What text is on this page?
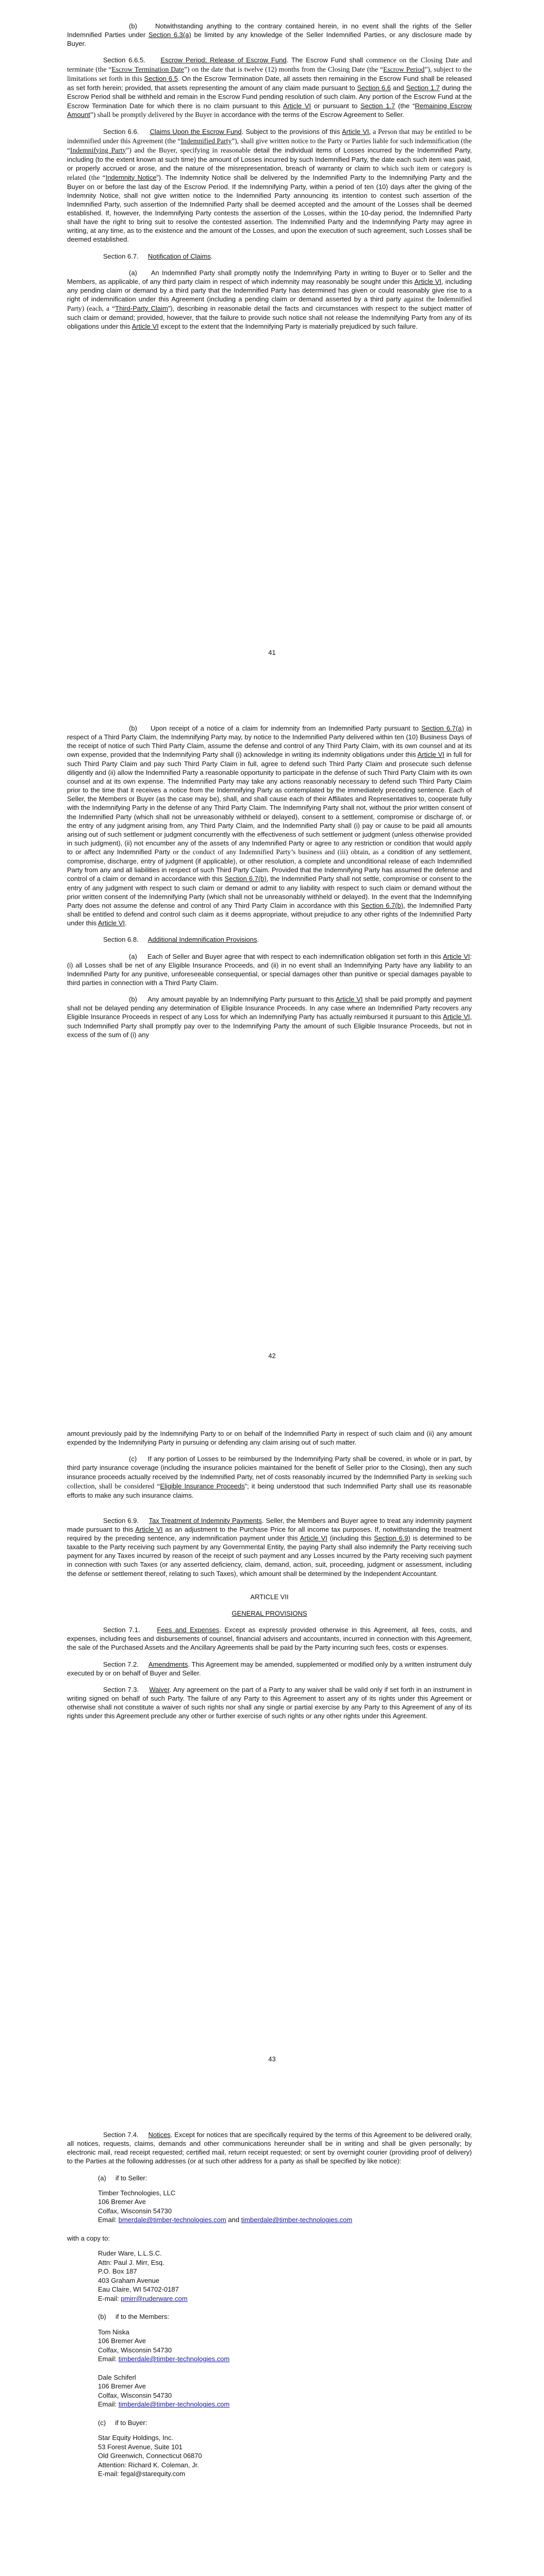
(b)	Notwithstanding anything to the contrary contained herein, in no event shall the rights of the Seller Indemnified Parties under Section 6.3(a) be limited by any knowledge of the Seller Indemnified Parties, or any disclosure made by Buyer.

Section 6.6.5. Escrow Period; Release of Escrow Fund. The Escrow Fund shall commence on the Closing Date and terminate (the “Escrow Termination Date”) on the date that is twelve (12) months from the Closing Date (the “Escrow Period”), subject to the limitations set forth in this Section 6.5. On the Escrow Termination Date, all assets then remaining in the Escrow Fund shall be released as set forth herein; provided, that assets representing the amount of any claim made pursuant to Section 6.6 and Section 1.7 during the Escrow Period shall be withheld and remain in the Escrow Fund pending resolution of such claim. Any portion of the Escrow Fund at the Escrow Termination Date for which there is no claim pursuant to this Article VI or pursuant to Section 1.7 (the “Remaining Escrow Amount”) shall be promptly delivered by the Buyer in accordance with the terms of the Escrow Agreement to Seller.

Section 6.6. Claims Upon the Escrow Fund. Subject to the provisions of this Article VI, a Person that may be entitled to be indemnified under this Agreement (the “Indemnified Party”), shall give written notice to the Party or Parties liable for such indemnification (the “Indemnifying Party”) and the Buyer, specifying in reasonable detail the individual items of Losses incurred by the Indemnified Party, including (to the extent known at such time) the amount of Losses incurred by such Indemnified Party, the date each such item was paid, or properly accrued or arose, and the nature of the misrepresentation, breach of warranty or claim to which such item or category is related (the “Indemnity Notice”). The Indemnity Notice shall be delivered by the Indemnified Party to the Indemnifying Party and the Buyer on or before the last day of the Escrow Period. If the Indemnifying Party, within a period of ten (10) days after the giving of the Indemnity Notice, shall not give written notice to the Indemnified Party announcing its intention to contest such assertion of the Indemnified Party, such assertion of the Indemnified Party shall be deemed accepted and the amount of the Losses shall be deemed established. If, however, the Indemnifying Party contests the assertion of the Losses, within the 10-day period, the Indemnified Party shall have the right to bring suit to resolve the contested assertion. The Indemnified Party and the Indemnifying Party may agree in writing, at any time, as to the existence and the amount of the Losses, and upon the execution of such agreement, such Losses shall be deemed established.

Section 6.7. Notification of Claims.

(a) An Indemnified Party shall promptly notify the Indemnifying Party in writing to Buyer or to Seller and the Members, as applicable, of any third party claim in respect of which indemnity may reasonably be sought under this Article VI, including any pending claim or demand by a third party that the Indemnified Party has determined has given or could reasonably give rise to a right of indemnification under this Agreement (including a pending claim or demand asserted by a third party against the Indemnified Party) (each, a “Third-Party Claim”), describing in reasonable detail the facts and circumstances with respect to the subject matter of such claim or demand; provided, however, that the failure to provide such notice shall not release the Indemnifying Party from any of its obligations under this Article VI except to the extent that the Indemnifying Party is materially prejudiced by such failure.

41

(b) Upon receipt of a notice of a claim for indemnity from an Indemnified Party pursuant to Section 6.7(a) in respect of a Third Party Claim, the Indemnifying Party may, by notice to the Indemnified Party delivered within ten (10) Business Days of the receipt of notice of such Third Party Claim, assume the defense and control of any Third Party Claim, with its own counsel and at its own expense, provided that the Indemnifying Party shall (i) acknowledge in writing its indemnity obligations under this Article VI in full for such Third Party Claim and pay such Third Party Claim in full, agree to defend such Third Party Claim and prosecute such defense diligently and (ii) allow the Indemnified Party a reasonable opportunity to participate in the defense of such Third Party Claim with its own counsel and at its own expense. The Indemnified Party may take any actions reasonably necessary to defend such Third Party Claim prior to the time that it receives a notice from the Indemnifying Party as contemplated by the immediately preceding sentence. Each of Seller, the Members or Buyer (as the case may be), shall, and shall cause each of their Affiliates and Representatives to, cooperate fully with the Indemnifying Party in the defense of any Third Party Claim. The Indemnifying Party shall not, without the prior written consent of the Indemnified Party (which shall not be unreasonably withheld or delayed), consent to a settlement, compromise or discharge of, or the entry of any judgment arising from, any Third Party Claim, and the Indemnified Party shall (i) pay or cause to be paid all amounts arising out of such settlement or judgment concurrently with the effectiveness of such settlement or judgment (unless otherwise provided in such judgment), (ii) not encumber any of the assets of any Indemnified Party or agree to any restriction or condition that would apply to or affect any Indemnified Party or the conduct of any Indemnified Party’s business and (iii) obtain, as a condition of any settlement, compromise, discharge, entry of judgment (if applicable), or other resolution, a complete and unconditional release of each Indemnified Party from any and all liabilities in respect of such Third Party Claim. Provided that the Indemnifying Party has assumed the defense and control of a claim or demand in accordance with this Section 6.7(b), the Indemnified Party shall not settle, compromise or consent to the entry of any judgment with respect to such claim or demand or admit to any liability with respect to such claim or demand without the prior written consent of the Indemnifying Party (which shall not be unreasonably withheld or delayed). In the event that the Indemnifying Party does not assume the defense and control of any Third Party Claim in accordance with this Section 6.7(b), the Indemnified Party shall be entitled to defend and control such claim as it deems appropriate, without prejudice to any other rights of the Indemnified Party under this Article VI.

Section 6.8. Additional Indemnification Provisions.

(a) Each of Seller and Buyer agree that with respect to each indemnification obligation set forth in this Article VI: (i) all Losses shall be net of any Eligible Insurance Proceeds, and (ii) in no event shall an Indemnifying Party have any liability to an Indemnified Party for any punitive, unforeseeable consequential, or special damages other than punitive or special damages payable to third parties in connection with a Third Party Claim.

(b) Any amount payable by an Indemnifying Party pursuant to this Article VI shall be paid promptly and payment shall not be delayed pending any determination of Eligible Insurance Proceeds. In any case where an Indemnified Party recovers any Eligible Insurance Proceeds in respect of any Loss for which an Indemnifying Party has actually reimbursed it pursuant to this Article VI, such Indemnified Party shall promptly pay over to the Indemnifying Party the amount of such Eligible Insurance Proceeds, but not in excess of the sum of (i) any

42

amount previously paid by the Indemnifying Party to or on behalf of the Indemnified Party in respect of such claim and (ii) any amount expended by the Indemnifying Party in pursuing or defending any claim arising out of such matter.

(c) If any portion of Losses to be reimbursed by the Indemnifying Party shall be covered, in whole or in part, by third party insurance coverage (including the insurance policies maintained for the benefit of Seller prior to the Closing), then any such insurance proceeds actually received by the Indemnified Party, net of costs reasonably incurred by the Indemnified Party in seeking such collection, shall be considered “Eligible Insurance Proceeds”; it being understood that such Indemnified Party shall use its reasonable efforts to make any such insurance claims.

Section 6.9. Tax Treatment of Indemnity Payments. Seller, the Members and Buyer agree to treat any indemnity payment made pursuant to this Article VI as an adjustment to the Purchase Price for all income tax purposes. If, notwithstanding the treatment required by the preceding sentence, any indemnification payment under this Article VI (including this Section 6.9) is determined to be taxable to the Party receiving such payment by any Governmental Entity, the paying Party shall also indemnify the Party receiving such payment for any Taxes incurred by reason of the receipt of such payment and any Losses incurred by the Party receiving such payment in connection with such Taxes (or any asserted deficiency, claim, demand, action, suit, proceeding, judgment or assessment, including the defense or settlement thereof, relating to such Taxes), which amount shall be determined by the Independent Accountant.

ARTICLE VII
GENERAL PROVISIONS

Section 7.1.	Fees and Expenses. Except as expressly provided otherwise in this Agreement, all fees, costs, and expenses, including fees and disbursements of counsel, financial advisers and accountants, incurred in connection with this Agreement, the sale of the Purchased Assets and the Ancillary Agreements shall be paid by the Party incurring such fees, costs or expenses.

Section 7.2. Amendments. This Agreement may be amended, supplemented or modified only by a written instrument duly executed by or on behalf of Buyer and Seller.

Section 7.3. Waiver. Any agreement on the part of a Party to any waiver shall be valid only if set forth in an instrument in writing signed on behalf of such Party. The failure of any Party to this Agreement to assert any of its rights under this Agreement or otherwise shall not constitute a waiver of such rights nor shall any single or partial exercise by any Party to this Agreement of any of its rights under this Agreement preclude any other or further exercise of such rights or any other rights under this Agreement.

43

Section 7.4. Notices. Except for notices that are specifically required by the terms of this Agreement to be delivered orally, all notices, requests, claims, demands and other communications hereunder shall be in writing and shall be given personally; by electronic mail, read receipt requested; certified mail, return receipt requested; or sent by overnight courier (providing proof of delivery) to the Parties at the following addresses (or at such other address for a party as shall be specified by like notice):

(a)     if to Seller:
Timber Technologies, LLC
106 Bremer Ave
Colfax, Wisconsin 54730
Email: bmerdale@timber-technologies.com and timberdale@timber-technologies.com
with a copy to:
Ruder Ware, L.L.S.C.
Attn: Paul J. Mirr, Esq.
P.O. Box 187
403 Graham Avenue
Eau Claire, WI 54702-0187
E-mail: pmirr@ruderware.com
(b)     if to the Members:
Tom Niska
106 Bremer Ave
Colfax, Wisconsin 54730
Email: timberdale@timber-technologies.com
Dale Schiferl
106 Bremer Ave
Colfax, Wisconsin 54730
Email: timberdale@timber-technologies.com
(c)     if to Buyer:
Star Equity Holdings, Inc.
53 Forest Avenue, Suite 101
Old Greenwich, Connecticut 06870
Attention: Richard K. Coleman, Jr.
E-mail: fegal@starequity.com
